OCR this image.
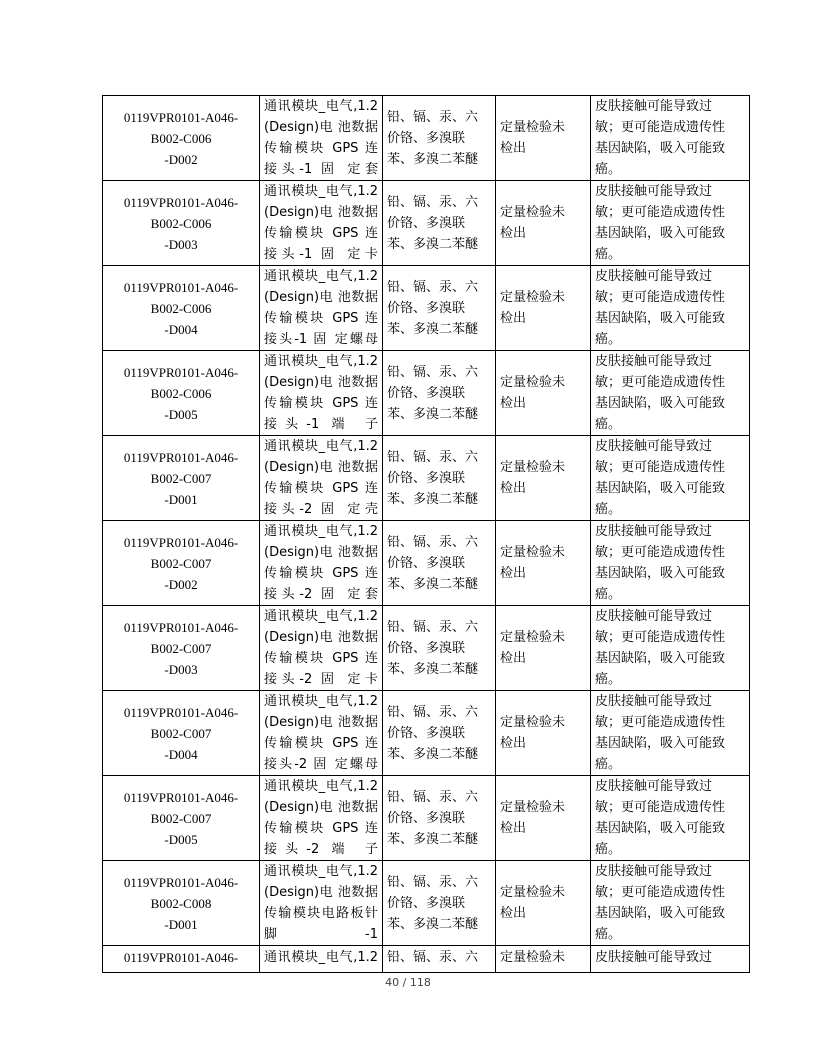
0119VPR0101-A046-
B002-C006
-D002	通讯模块_电气,1.2
(Design)电 池数据
传输模块 GPS 连
接头-1 固 定套	铅、镉、汞、六
价铬、多溴联
苯、多溴二苯醚	定量检验未
检出	皮肤接触可能导致过
敏；更可能造成遗传性
基因缺陷，吸入可能致
癌。

0119VPR0101-A046-
B002-C006
-D003	通讯模块_电气,1.2
(Design)电 池数据
传输模块 GPS 连
接头-1 固 定卡	铅、镉、汞、六
价铬、多溴联
苯、多溴二苯醚	定量检验未
检出	皮肤接触可能导致过
敏；更可能造成遗传性
基因缺陷，吸入可能致
癌。

0119VPR0101-A046-
B002-C006
-D004	通讯模块_电气,1.2
(Design)电 池数据
传输模块 GPS 连
接头-1 固 定螺母	铅、镉、汞、六
价铬、多溴联
苯、多溴二苯醚	定量检验未
检出	皮肤接触可能导致过
敏；更可能造成遗传性
基因缺陷，吸入可能致
癌。

0119VPR0101-A046-
B002-C006
-D005	通讯模块_电气,1.2
(Design)电 池数据
传输模块 GPS 连
接头-1 端 子	铅、镉、汞、六
价铬、多溴联
苯、多溴二苯醚	定量检验未
检出	皮肤接触可能导致过
敏；更可能造成遗传性
基因缺陷，吸入可能致
癌。

0119VPR0101-A046-
B002-C007
-D001	通讯模块_电气,1.2
(Design)电 池数据
传输模块 GPS 连
接头-2 固 定壳	铅、镉、汞、六
价铬、多溴联
苯、多溴二苯醚	定量检验未
检出	皮肤接触可能导致过
敏；更可能造成遗传性
基因缺陷，吸入可能致
癌。

0119VPR0101-A046-
B002-C007
-D002	通讯模块_电气,1.2
(Design)电 池数据
传输模块 GPS 连
接头-2 固 定套	铅、镉、汞、六
价铬、多溴联
苯、多溴二苯醚	定量检验未
检出	皮肤接触可能导致过
敏；更可能造成遗传性
基因缺陷，吸入可能致
癌。

0119VPR0101-A046-
B002-C007
-D003	通讯模块_电气,1.2
(Design)电 池数据
传输模块 GPS 连
接头-2 固 定卡	铅、镉、汞、六
价铬、多溴联
苯、多溴二苯醚	定量检验未
检出	皮肤接触可能导致过
敏；更可能造成遗传性
基因缺陷，吸入可能致
癌。

0119VPR0101-A046-
B002-C007
-D004	通讯模块_电气,1.2
(Design)电 池数据
传输模块 GPS 连
接头-2 固 定螺母	铅、镉、汞、六
价铬、多溴联
苯、多溴二苯醚	定量检验未
检出	皮肤接触可能导致过
敏；更可能造成遗传性
基因缺陷，吸入可能致
癌。

0119VPR0101-A046-
B002-C007
-D005	通讯模块_电气,1.2
(Design)电 池数据
传输模块 GPS 连
接头-2 端 子	铅、镉、汞、六
价铬、多溴联
苯、多溴二苯醚	定量检验未
检出	皮肤接触可能导致过
敏；更可能造成遗传性
基因缺陷，吸入可能致
癌。

0119VPR0101-A046-
B002-C008
-D001	通讯模块_电气,1.2
(Design)电 池数据
传输模块电路板针
脚-1	铅、镉、汞、六
价铬、多溴联
苯、多溴二苯醚	定量检验未
检出	皮肤接触可能导致过
敏；更可能造成遗传性
基因缺陷，吸入可能致
癌。

0119VPR0101-A046-	通讯模块_电气,1.2	铅、镉、汞、六	定量检验未	皮肤接触可能导致过
40 / 118
